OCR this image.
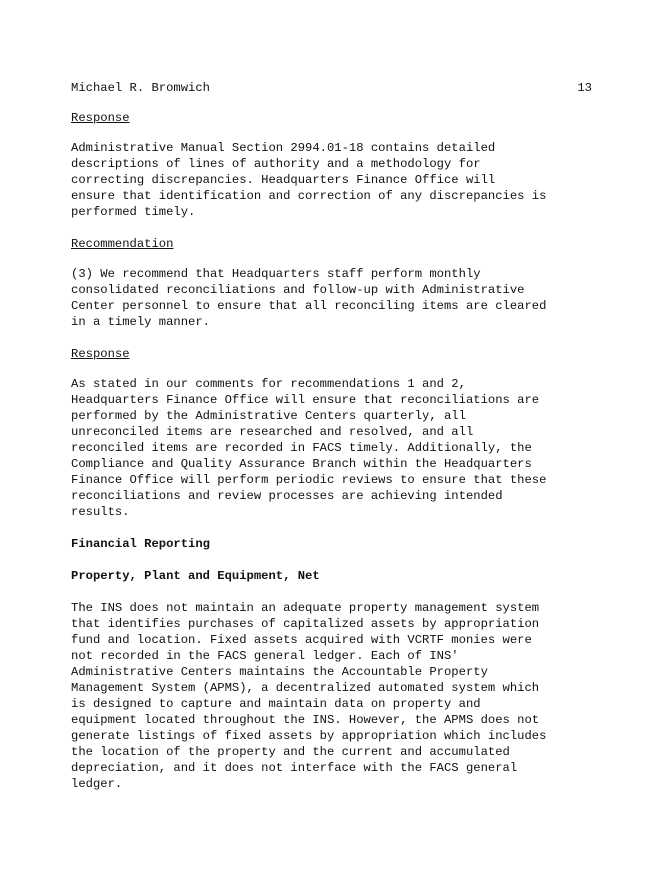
Michael R. Bromwich	13
Response
Administrative Manual Section 2994.01-18 contains detailed
descriptions of lines of authority and a methodology for
correcting discrepancies. Headquarters Finance Office will
ensure that identification and correction of any discrepancies is
performed timely.
Recommendation
(3) We recommend that Headquarters staff perform monthly
consolidated reconciliations and follow-up with Administrative
Center personnel to ensure that all reconciling items are cleared
in a timely manner.
Response
As stated in our comments for recommendations 1 and 2,
Headquarters Finance Office will ensure that reconciliations are
performed by the Administrative Centers quarterly, all
unreconciled items are researched and resolved, and all
reconciled items are recorded in FACS timely. Additionally, the
Compliance and Quality Assurance Branch within the Headquarters
Finance Office will perform periodic reviews to ensure that these
reconciliations and review processes are achieving intended
results.
Financial Reporting
Property, Plant and Equipment, Net
The INS does not maintain an adequate property management system
that identifies purchases of capitalized assets by appropriation
fund and location. Fixed assets acquired with VCRTF monies were
not recorded in the FACS general ledger. Each of INS'
Administrative Centers maintains the Accountable Property
Management System (APMS), a decentralized automated system which
is designed to capture and maintain data on property and
equipment located throughout the INS. However, the APMS does not
generate listings of fixed assets by appropriation which includes
the location of the property and the current and accumulated
depreciation, and it does not interface with the FACS general
ledger.
